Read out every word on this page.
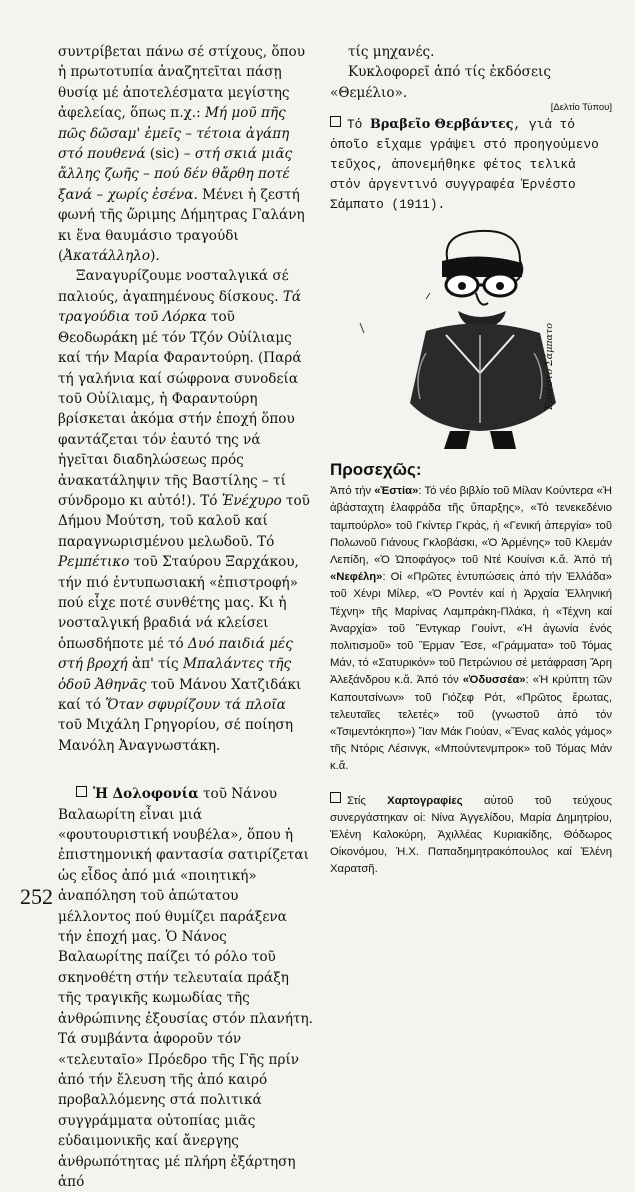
252

συντρίβεται πάνω σέ στίχους, ὅπου ἡ πρωτοτυπία ἀναζητεῖται πάσῃ θυσίᾳ μέ ἀποτελέσματα μεγίστης ἀφελείας, ὅπως π.χ.: Μή μοῦ πῆς πῶς δῶσαμ' ἐμεῖς – τέτοια ἀγάπη στό πουθενά (sic) – στή σκιά μιᾶς ἄλλης ζωῆς – πού δέν θἄρθη ποτέ ξανά – χωρίς ἐσένα. Μένει ἡ ζεστή φωνή τῆς ὥριμης Δήμητρας Γαλάνη κι ἕνα θαυμάσιο τραγούδι (Ἀκατάλληλο).

Ξαναγυρίζουμε νοσταλγικά σέ παλιούς, ἀγαπημένους δίσκους. Τά τραγούδια τοῦ Λόρκα τοῦ Θεοδωράκη μέ τόν Τζόν Οὐίλιαμς καί τήν Μαρία Φαραντούρη. (Παρά τή γαλήνια καί σώφρονα συνοδεία τοῦ Οὐίλιαμς, ἡ Φαραντούρη βρίσκεται ἀκόμα στήν ἐποχή ὅπου φαντάζεται τόν ἑαυτό της νά ἡγεῖται διαδηλώσεως πρός ἀνακατάληψιν τῆς Βαστίλης – τί σύνδρομο κι αὐτό!). Τό Ἐνέχυρο τοῦ Δήμου Μούτση, τοῦ καλοῦ καί παραγνωρισμένου μελωδοῦ. Τό Ρεμπέτικο τοῦ Σταύρου Ξαρχάκου, τήν πιό ἐντυπωσιακή «ἐπιστροφή» πού εἶχε ποτέ συνθέτης μας. Κι ἡ νοσταλγική βραδιά νά κλείσει ὁπωσδήποτε μέ τό Δυό παιδιά μές στή βροχή ἀπ' τίς Μπαλάντες τῆς ὁδοῦ Ἀθηνᾶς τοῦ Μάνου Χατζιδάκι καί τό Ὅταν σφυρίζουν τά πλοῖα τοῦ Μιχάλη Γρηγορίου, σέ ποίηση Μανόλη Ἀναγνωστάκη.

Ἡ Δολοφονία τοῦ Νάνου Βαλαωρίτη εἶναι μιά «φουτουριστική νουβέλα», ὅπου ἡ ἐπιστημονική φαντασία σατιρίζεται ὡς εἶδος ἀπό μιά «ποιητική» ἀναπόληση τοῦ ἀπώτατου μέλλοντος πού θυμίζει παράξενα τήν ἐποχή μας. Ὁ Νάνος Βαλαωρίτης παίζει τό ρόλο τοῦ σκηνοθέτη στήν τελευταία πράξη τῆς τραγικῆς κωμωδίας τῆς ἀνθρώπινης ἐξουσίας στόν πλανήτη. Τά συμβάντα ἀφοροῦν τόν «τελευταῖο» Πρόεδρο τῆς Γῆς πρίν ἀπό τήν ἔλευση τῆς ἀπό καιρό προβαλλόμενης στά πολιτικά συγγράμματα οὐτοπίας μιᾶς εὐδαιμονικῆς καί ἄνεργης ἀνθρωπότητας μέ πλήρη ἐξάρτηση ἀπό

τίς μηχανές.

Κυκλοφορεῖ ἀπό τίς ἐκδόσεις «Θεμέλιο».

[Δελτίο Τύπου]

Τό Βραβεῖο Θερβάντες, γιά τό ὁποῖο εἴχαμε γράψει στό προηγούμενο τεῦχος, ἀπονεμήθηκε φέτος τελικά στόν ἀργεντινό συγγραφέα Ἐρνέστο Σάμπατο (1911).

Ἐρνέστο Σάμπατο
Προσεχῶς:

Ἀπό τήν «Ἑστία»: Τό νέο βιβλίο τοῦ Μίλαν Κούντερα «Ἡ ἀβάσταχτη ἐλαφράδα τῆς ὕπαρξης», «Τό τενεκεδένιο ταμπούρλο» τοῦ Γκίντερ Γκράς, ἡ «Γενική ἀπεργία» τοῦ Πολωνοῦ Γιάνους Γκλοβάσκι, «Ὁ Ἀρμένης» τοῦ Κλεμάν Λεπίδη, «Ὁ Ὠποφάγος» τοῦ Ντέ Κουίνσι κ.ἄ. Ἀπό τή «Νεφέλη»: Οἱ «Πρῶτες ἐντυπώσεις ἀπό τήν Ἑλλάδα» τοῦ Χένρι Μίλερ, «Ὁ Ροντέν καί ἡ Ἀρχαία Ἑλληνική Τέχνη» τῆς Μαρίνας Λαμπράκη-Πλάκα, ἡ «Τέχνη καί Ἀναρχία» τοῦ Ἔντγκαρ Γουίντ, «Ἡ ἀγωνία ἑνός πολιτισμοῦ» τοῦ Ἕρμαν Ἔσε, «Γράμματα» τοῦ Τόμας Μάν, τό «Σατυρικόν» τοῦ Πετρώνιου σέ μετάφραση Ἄρη Ἀλεξάνδρου κ.ἄ. Ἀπό τόν «Ὀδυσσέα»: «Ἡ κρύπτη τῶν Καπουτσίνων» τοῦ Γιόζεφ Ρότ, «Πρῶτος ἔρωτας, τελευταῖες τελετές» τοῦ (γνωστοῦ ἀπό τόν «Τσιμεντόκηπο») Ἴαν Μάκ Γιούαν, «Ἕνας καλός γάμος» τῆς Ντόρις Λέσινγκ, «Μπούντενμπροκ» τοῦ Τόμας Μάν κ.ἄ.

Στίς Χαρτογραφίες αὐτοῦ τοῦ τεύχους συνεργάστηκαν οἱ: Νίνα Ἀγγελίδου, Μαρία Δημητρίου, Ἑλένη Καλοκύρη, Ἀχιλλέας Κυριακίδης, Θόδωρος Οἰκονόμου, Ἠ.Χ. Παπαδημητρακόπουλος καί Ἑλένη Χαρατσῆ.
